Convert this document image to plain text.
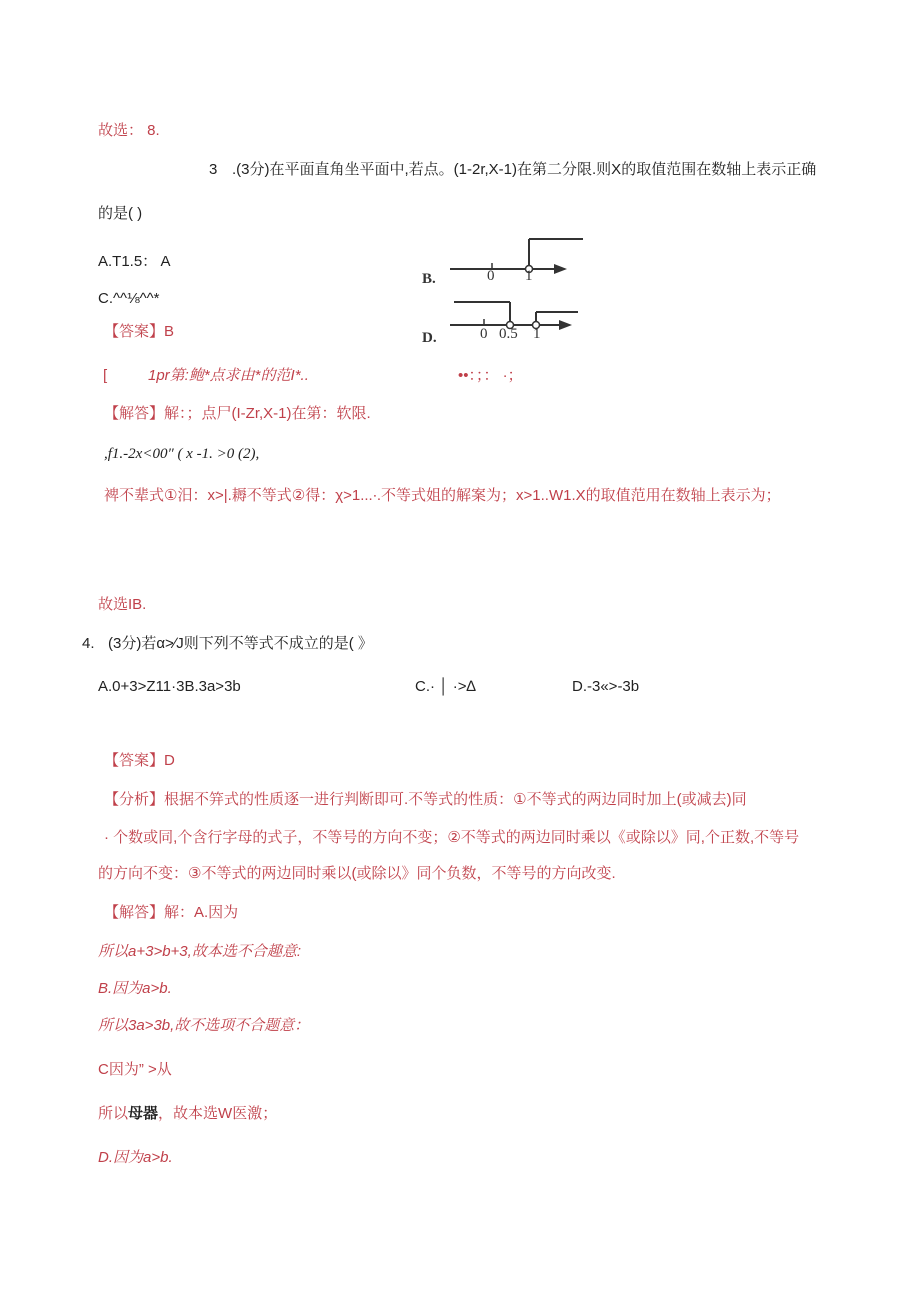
故选： 8.
3 .(3分)在平面直角坐平面中,若点。(1-2r,X-1)在第二分限.则X的取值范围在数轴上表示正确
的是( )
A.T1.5： A
C.^^⅛^^*
B.	0 1
D.	0 0.5 1
【答案】B
[	1pr第:鲍*点求由*的范I*..	••：；： ·；
【解答】解：；点尸(I-Zr,X-1)在第：软限.
,f1.-2x<00″ ( x -1. >0 (2),
裨不辈式①汨：x>|.耨不等式②得：χ>1...∙.不等式姐的解案为；x>1..W1.X的取值范用在数轴上表示为；
故选IB.
4. (3分)若α>∕J则下列不等式不成立的是( 》
A.0+3>Z11·3B.3a>3b	C.· │ ·>∆	D.-3«>-3b
【答案】D
【分析】根据不笄式的性质逐一进行判断即可.不等式的性质：①不等式的两边同时加上(或减去)同
· 个数或同,个含行字母的式子，不等号的方向不变；②不等式的两边同时乘以《或除以》同,个正数,不等号
的方向不变：③不等式的两边同时乘以(或除以》同个负数，不等号的方向改变.
【解答】解：A.因为
所以a+3>b+3,故本选不合趣意:
B.因为a>b.
所以3a>3b,故不选项不合题意：
C因为” >从
所以母器，故本选W医激；
D.因为a>b.
